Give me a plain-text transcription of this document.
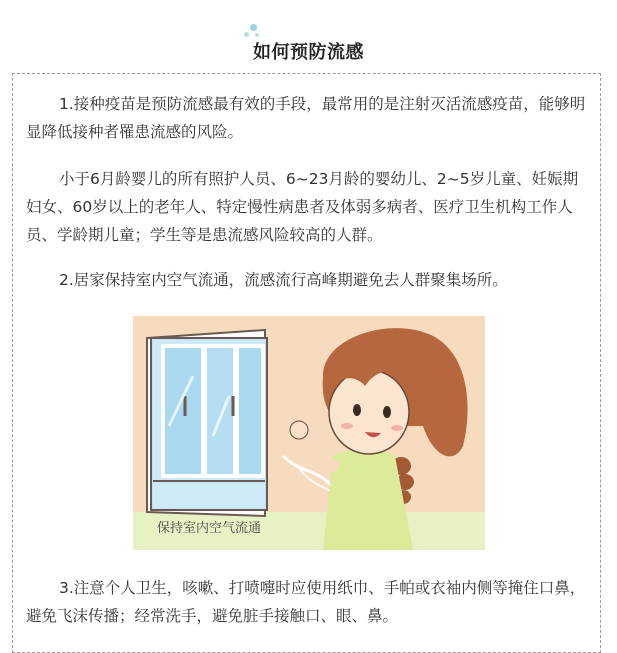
如何预防流感

1.接种疫苗是预防流感最有效的手段，最常用的是注射灭活流感疫苗，能够明显降低接种者罹患流感的风险。

小于6月龄婴儿的所有照护人员、6~23月龄的婴幼儿、2~5岁儿童、妊娠期妇女、60岁以上的老年人、特定慢性病患者及体弱多病者、医疗卫生机构工作人员、学龄期儿童；学生等是患流感风险较高的人群。

2.居家保持室内空气流通，流感流行高峰期避免去人群聚集场所。

保持室内空气流通

3.注意个人卫生，咳嗽、打喷嚏时应使用纸巾、手帕或衣袖内侧等掩住口鼻，避免飞沫传播；经常洗手，避免脏手接触口、眼、鼻。
